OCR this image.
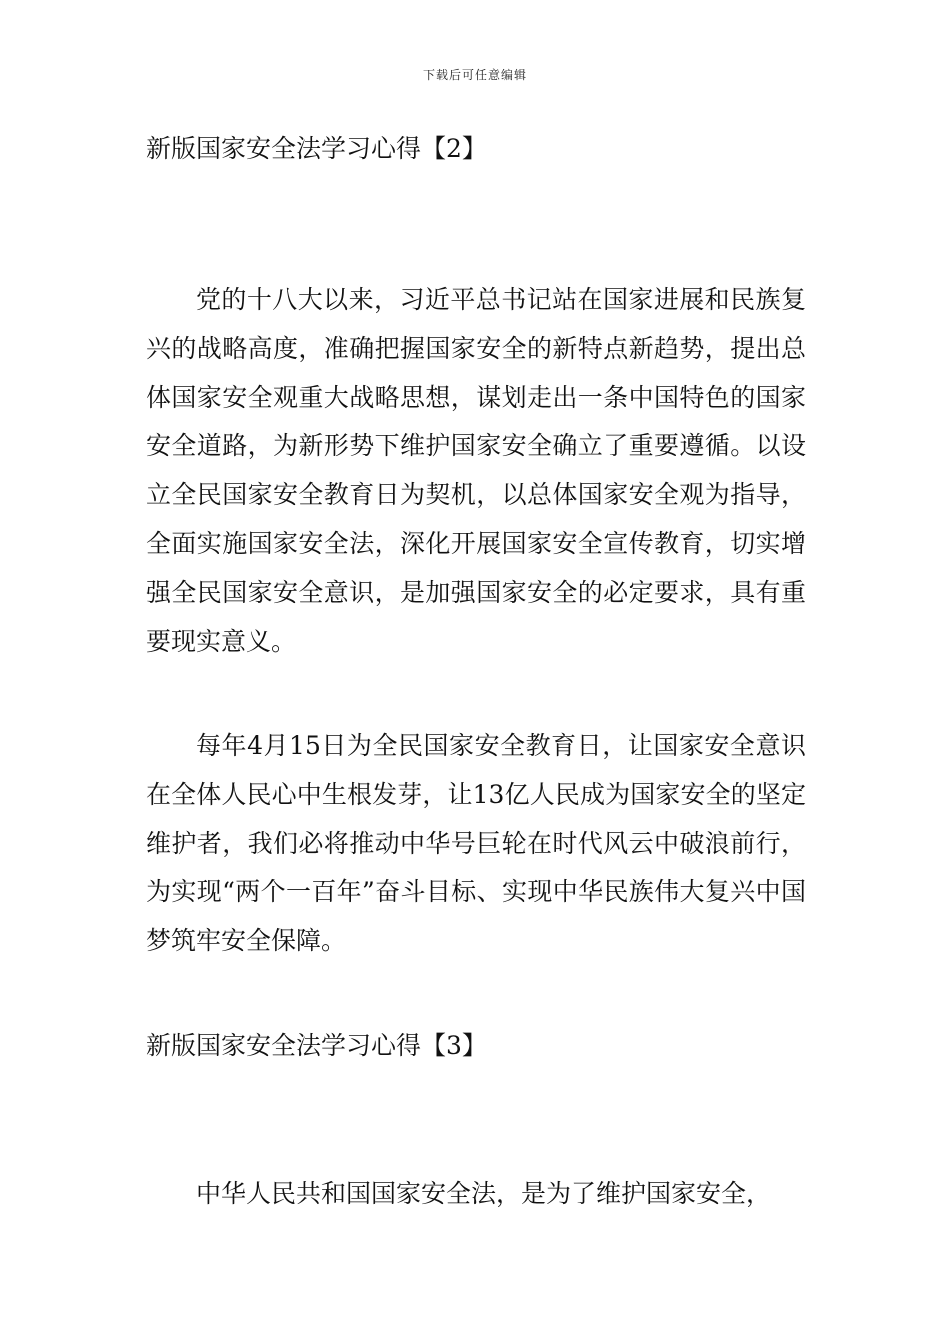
下载后可任意编辑
新版国家安全法学习心得【2】

党的十八大以来，习近平总书记站在国家进展和民族复兴的战略高度，准确把握国家安全的新特点新趋势，提出总体国家安全观重大战略思想，谋划走出一条中国特色的国家安全道路，为新形势下维护国家安全确立了重要遵循。以设立全民国家安全教育日为契机，以总体国家安全观为指导，全面实施国家安全法，深化开展国家安全宣传教育，切实增强全民国家安全意识，是加强国家安全的必定要求，具有重要现实意义。

每年4月15日为全民国家安全教育日，让国家安全意识在全体人民心中生根发芽，让13亿人民成为国家安全的坚定维护者，我们必将推动中华号巨轮在时代风云中破浪前行，为实现“两个一百年”奋斗目标、实现中华民族伟大复兴中国梦筑牢安全保障。

新版国家安全法学习心得【3】

中华人民共和国国家安全法，是为了维护国家安全，
